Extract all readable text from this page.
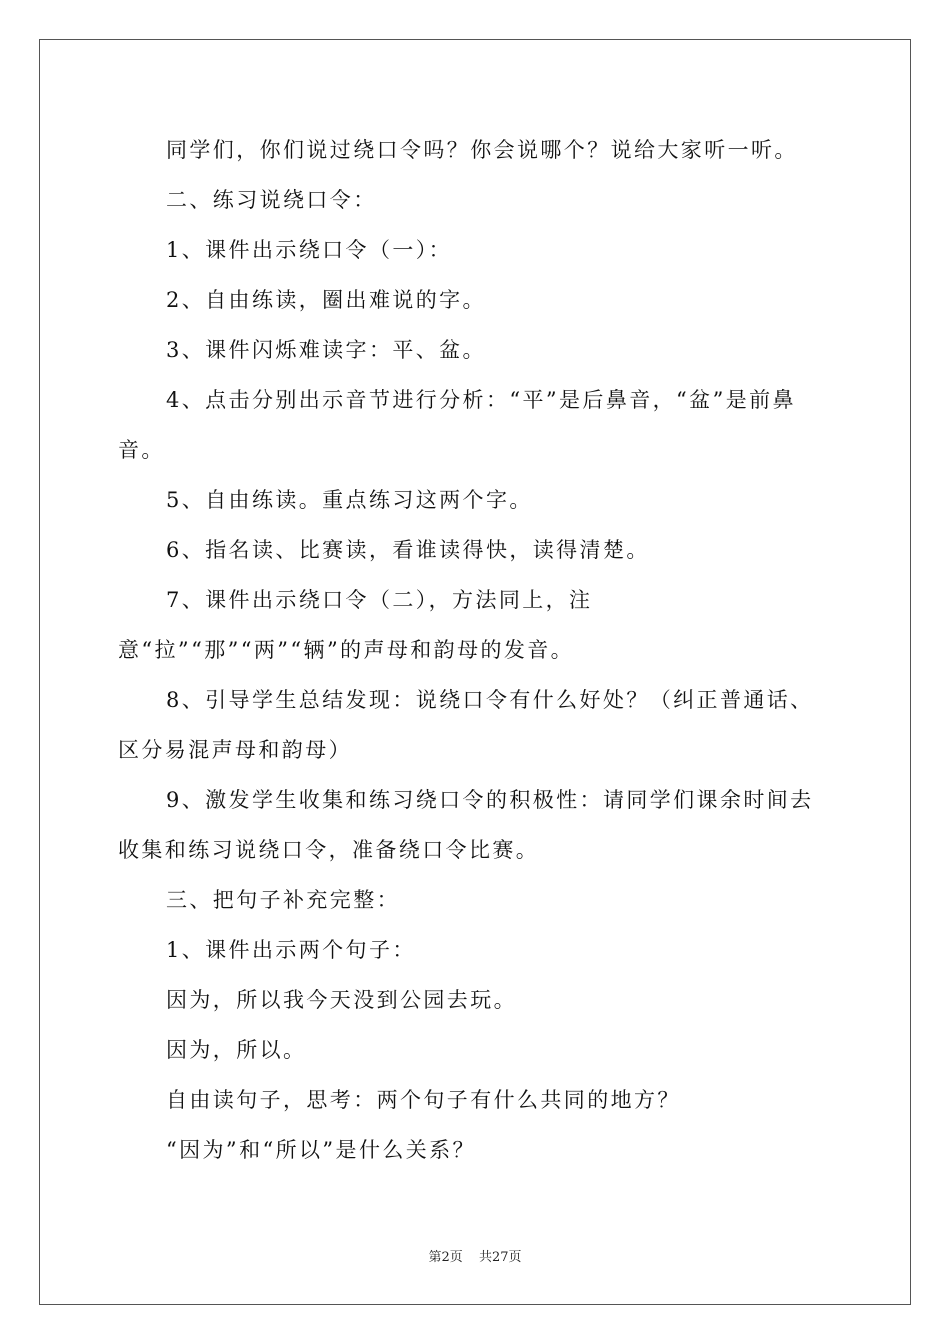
同学们，你们说过绕口令吗？你会说哪个？说给大家听一听。

二、练习说绕口令：

1、课件出示绕口令（一）：

2、自由练读，圈出难说的字。

3、课件闪烁难读字：平、盆。

4、点击分别出示音节进行分析：“平”是后鼻音，“盆”是前鼻音。

5、自由练读。重点练习这两个字。

6、指名读、比赛读，看谁读得快，读得清楚。

7、课件出示绕口令（二），方法同上，注意“拉”“那”“两”“辆”的声母和韵母的发音。

8、引导学生总结发现：说绕口令有什么好处？（纠正普通话、区分易混声母和韵母）

9、激发学生收集和练习绕口令的积极性：请同学们课余时间去收集和练习说绕口令，准备绕口令比赛。

三、把句子补充完整：

1、课件出示两个句子：

因为，所以我今天没到公园去玩。

因为，所以。

自由读句子，思考：两个句子有什么共同的地方？

“因为”和“所以”是什么关系？

第2页 共27页
